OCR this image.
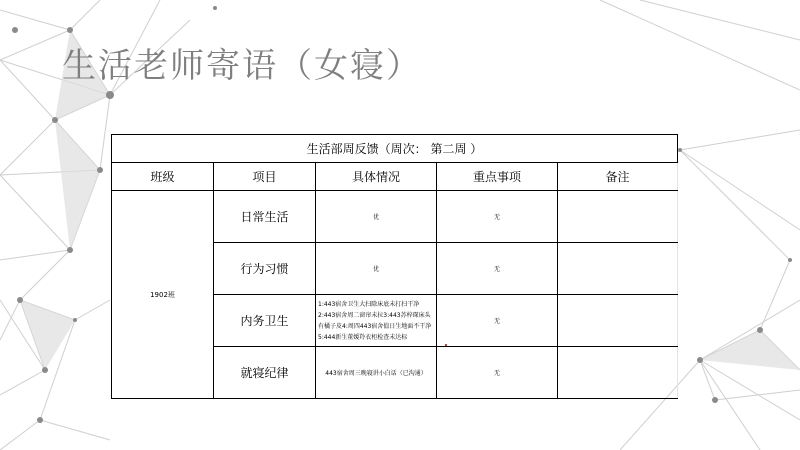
生活老师寄语（女寝）
生活部周反馈（周次： 第二周 ）				
班级	项目	具体情况	重点事项	备注
1902班	日常生活	优	无	
	行为习惯	优	无	
	内务卫生	1:443宿舍卫生大扫除床底未打扫干净2:443宿舍周二窗帘未拉3:443苏梓琛床头有橘子皮4:周四443宿舍值日生地面不干净5:444新生董媛羚衣柜检查未达标	无	
	就寝纪律	443宿舍周三晚寝讲小白话（已沟通）	无	
